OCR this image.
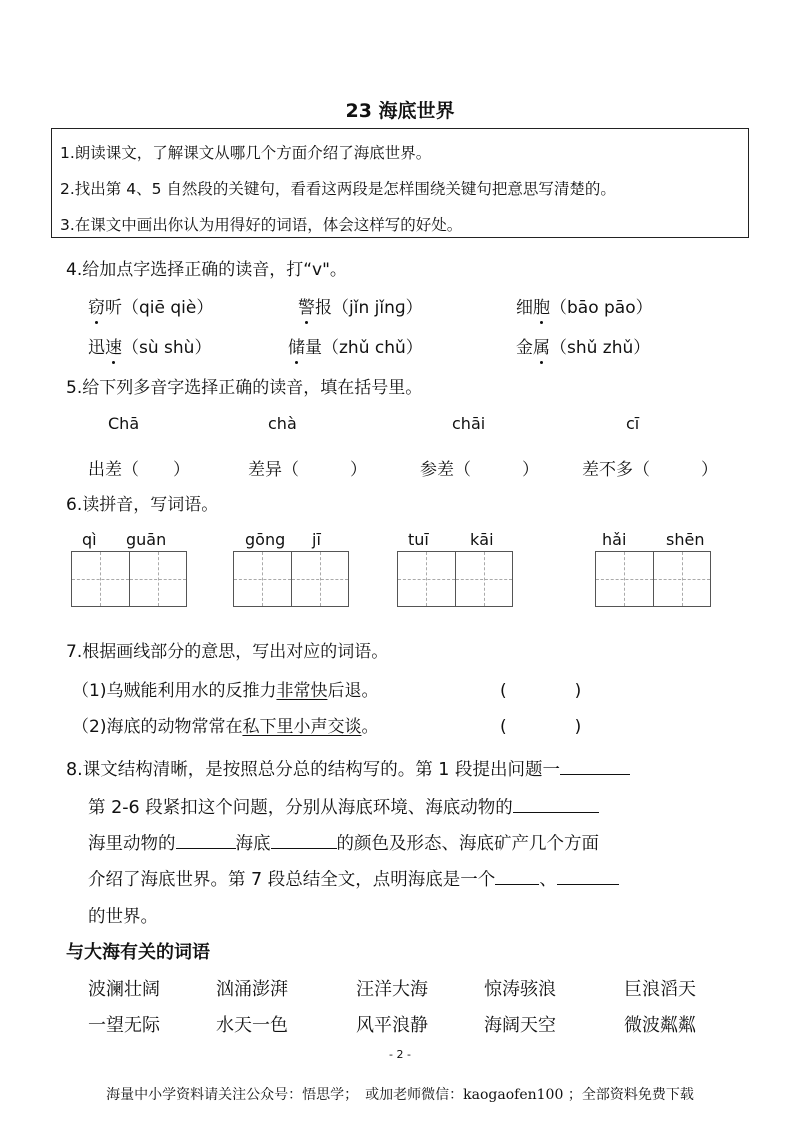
23 海底世界
1.朗读课文，了解课文从哪几个方面介绍了海底世界。
2.找出第 4、5 自然段的关键句，看看这两段是怎样围绕关键句把意思写清楚的。
3.在课文中画出你认为用得好的词语，体会这样写的好处。
4.给加点字选择正确的读音，打“v"。
窃听（qiē qiè）	警报（jǐn jǐnɡ）	细胞（bāo pāo）
迅速（sù shù）	储量（zhǔ chǔ）	金属（shǔ zhǔ）
5.给下列多音字选择正确的读音，填在括号里。
Chā	chà	chāi	cī
出差（　　）	差异（　　　）	参差（　　　）	差不多（　　　）
6.读拼音，写词语。
qì guān	gōng jī	tuī	kāi	hǎi shēn
7.根据画线部分的意思，写出对应的词语。
（1)乌贼能利用水的反推力非常快后退。	(　　　　)
（2)海底的动物常常在私下里小声交谈。	(　　　　)
8.课文结构清晰，是按照总分总的结构写的。第 1 段提出问题一
第 2-6 段紧扣这个问题，分别从海底环境、海底动物的
海里动物的	海底	的颜色及形态、海底矿产几个方面
介绍了海底世界。第 7 段总结全文，点明海底是一个	、
的世界。
与大海有关的词语
波澜壮阔	汹涌澎湃	汪洋大海	惊涛骇浪	巨浪滔天
一望无际	水天一色	风平浪静	海阔天空	微波粼粼
- 2 -
海量中小学资料请关注公众号：悟思学；　或加老师微信：kaogaofen100 ；全部资料免费下载
